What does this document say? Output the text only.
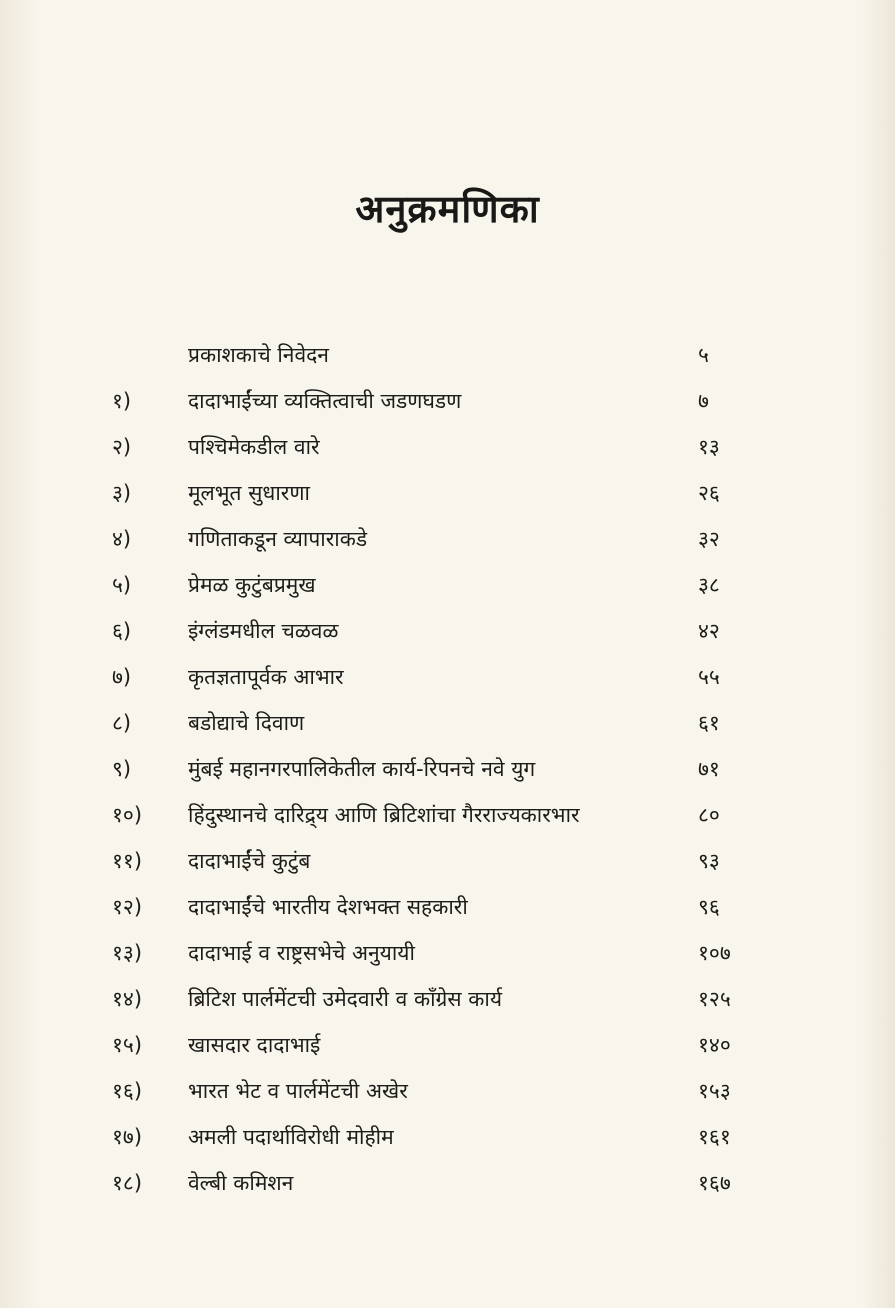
अनुक्रमणिका
प्रकाशकाचे निवेदन	५
१)	दादाभाईंच्या व्यक्तित्वाची जडणघडण	७
२)	पश्चिमेकडील वारे	१३
३)	मूलभूत सुधारणा	२६
४)	गणिताकडून व्यापाराकडे	३२
५)	प्रेमळ कुटुंबप्रमुख	३८
६)	इंग्लंडमधील चळवळ	४२
७)	कृतज्ञतापूर्वक आभार	५५
८)	बडोद्याचे दिवाण	६१
९)	मुंबई महानगरपालिकेतील कार्य-रिपनचे नवे युग	७१
१०)	हिंदुस्थानचे दारिद्र्य आणि ब्रिटिशांचा गैरराज्यकारभार	८०
११)	दादाभाईंचे कुटुंब	९३
१२)	दादाभाईंचे भारतीय देशभक्त सहकारी	९६
१३)	दादाभाई व राष्ट्रसभेचे अनुयायी	१०७
१४)	ब्रिटिश पार्लमेंटची उमेदवारी व काँग्रेस कार्य	१२५
१५)	खासदार दादाभाई	१४०
१६)	भारत भेट व पार्लमेंटची अखेर	१५३
१७)	अमली पदार्थाविरोधी मोहीम	१६१
१८)	वेल्बी कमिशन	१६७
